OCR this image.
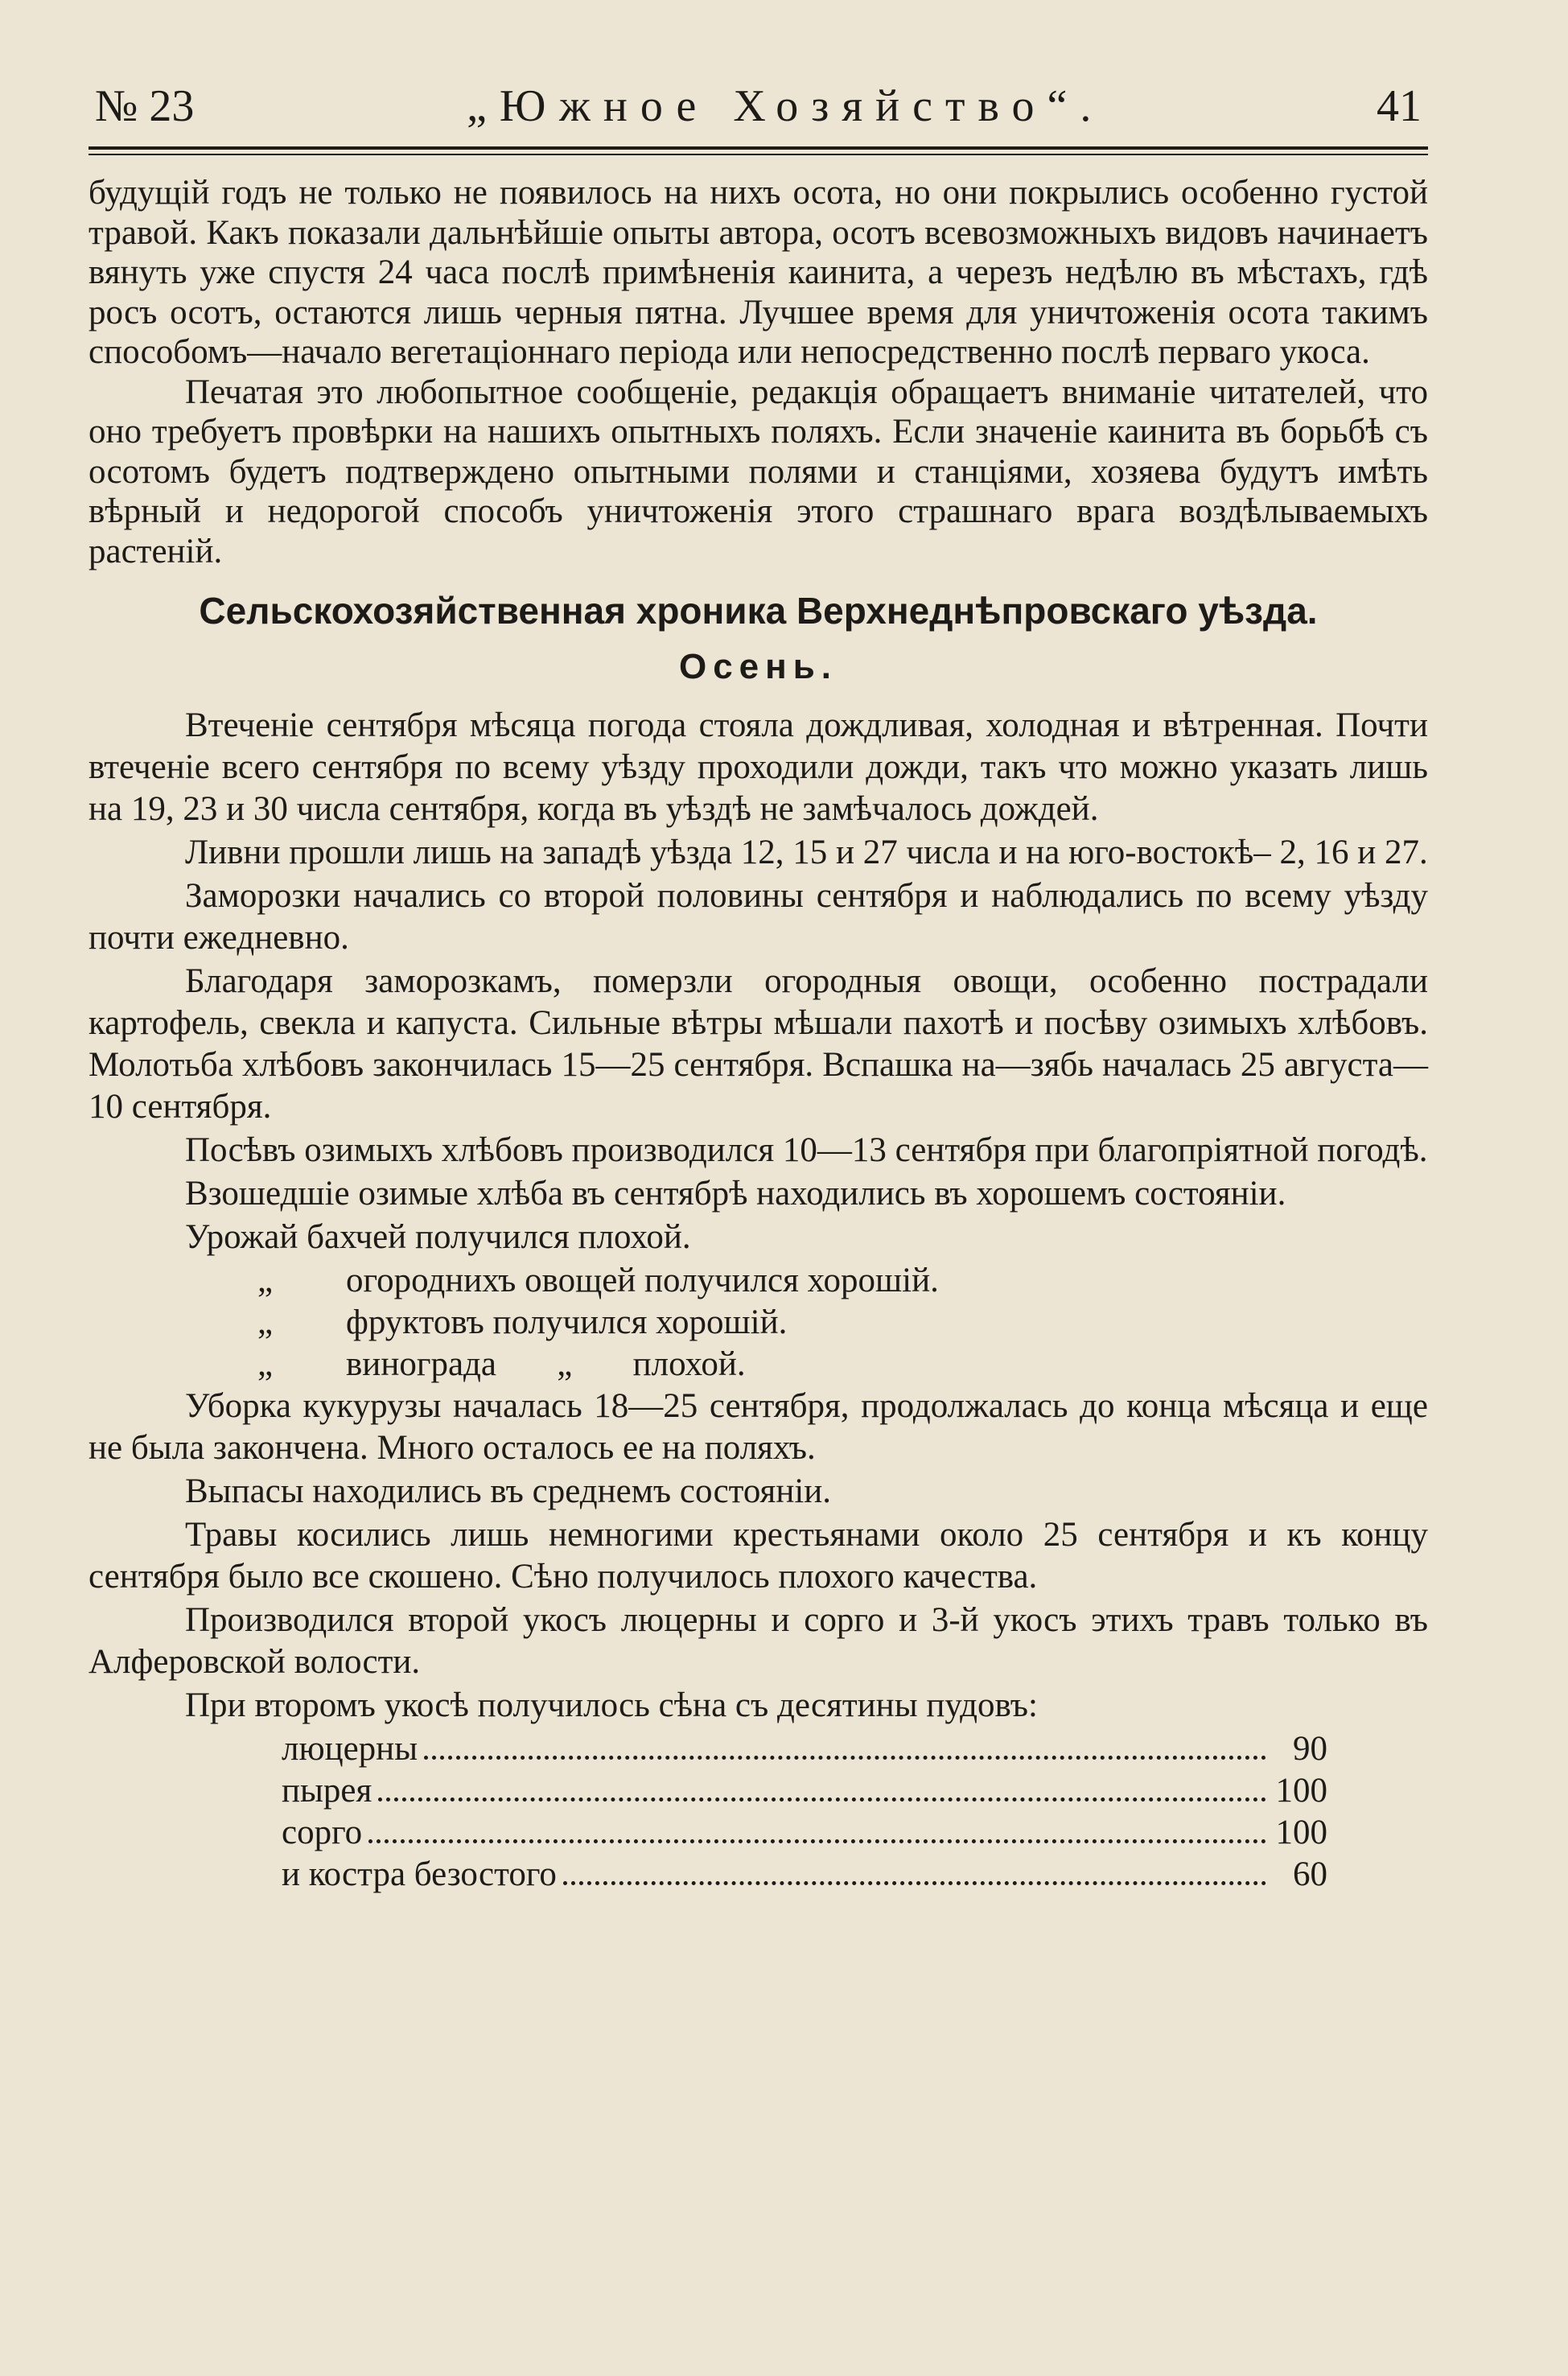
№ 23	„Южное Хозяйство“.	41

будущій годъ не только не появилось на нихъ осота, но они покрылись особенно густой травой. Какъ показали дальнѣйшіе опыты автора, осотъ всевозможныхъ видовъ начинаетъ вянуть уже спустя 24 часа послѣ примѣненія каинита, а черезъ недѣлю въ мѣстахъ, гдѣ росъ осотъ, остаются лишь черныя пятна. Лучшее время для уничтоженія осота такимъ способомъ—начало вегетаціоннаго періода или непосредственно послѣ перваго укоса.

Печатая это любопытное сообщеніе, редакція обращаетъ вниманіе читателей, что оно требуетъ провѣрки на нашихъ опытныхъ поляхъ. Если значеніе каинита въ борьбѣ съ осотомъ будетъ подтверждено опытными полями и станціями, хозяева будутъ имѣть вѣрный и недорогой способъ уничтоженія этого страшнаго врага воздѣлываемыхъ растеній.

Сельскохозяйственная хроника Верхнеднѣпровскаго уѣзда.
Осень.

Втеченіе сентября мѣсяца погода стояла дождливая, холодная и вѣтренная. Почти втеченіе всего сентября по всему уѣзду проходили дожди, такъ что можно указать лишь на 19, 23 и 30 числа сентября, когда въ уѣздѣ не замѣчалось дождей.

Ливни прошли лишь на западѣ уѣзда 12, 15 и 27 числа и на юго-востокѣ– 2, 16 и 27.

Заморозки начались со второй половины сентября и наблюдались по всему уѣзду почти ежедневно.

Благодаря заморозкамъ, померзли огородныя овощи, особенно пострадали картофель, свекла и капуста. Сильные вѣтры мѣшали пахотѣ и посѣву озимыхъ хлѣбовъ. Молотьба хлѣбовъ закончилась 15—25 сентября. Вспашка на—зябь началась 25 августа—10 сентября.

Посѣвъ озимыхъ хлѣбовъ производился 10—13 сентября при благопріятной погодѣ.

Взошедшіе озимые хлѣба въ сентябрѣ находились въ хорошемъ состояніи.

Урожай бахчей получился плохой.

„ огороднихъ овощей получился хорошій.
„ фруктовъ получился хорошій.
„ винограда       „       плохой.

Уборка кукурузы началась 18—25 сентября, продолжалась до конца мѣсяца и еще не была закончена. Много осталось ее на поляхъ.

Выпасы находились въ среднемъ состояніи.

Травы косились лишь немногими крестьянами около 25 сентября и къ концу сентября было все скошено. Сѣно получилось плохого качества.

Производился второй укосъ люцерны и сорго и 3-й укосъ этихъ травъ только въ Алферовской волости.

При второмъ укосѣ получилось сѣна съ десятины пудовъ:

люцерны	90
пырея	100
сорго	100
и костра безостого	60
